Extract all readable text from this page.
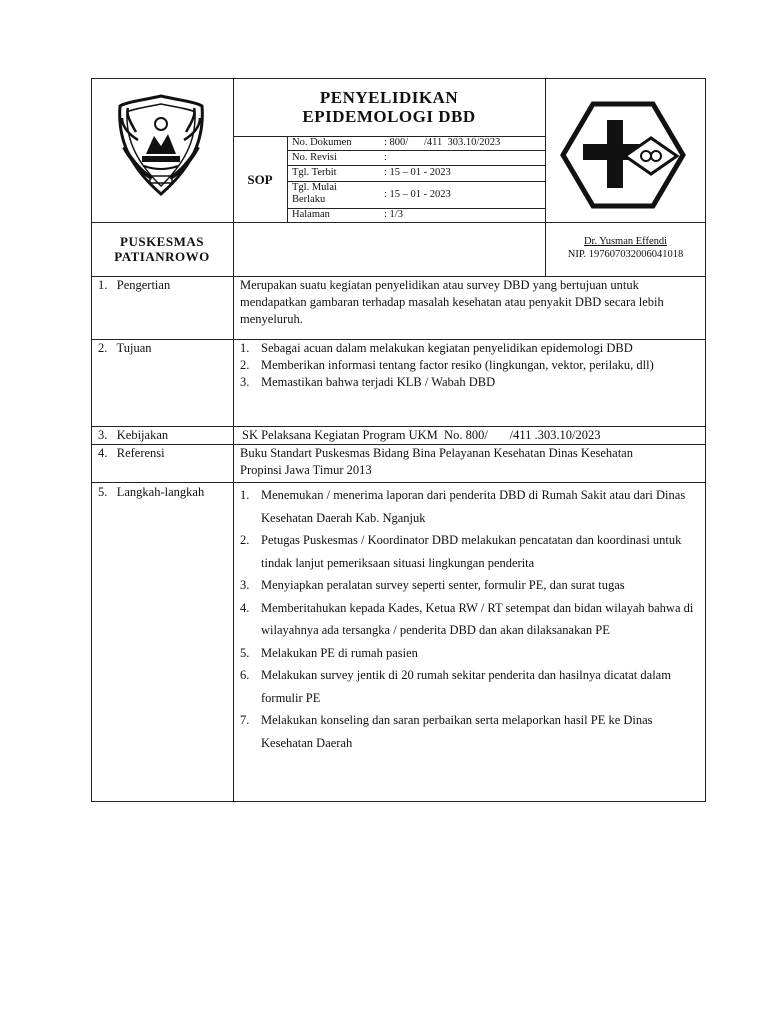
PENYELIDIKAN
EPIDEMOLOGI DBD
SOP
No. Dokumen	: 800/      /411  303.10/2023
No. Revisi	:
Tgl. Terbit	: 15 – 01 - 2023
Tgl. Mulai Berlaku	: 15 – 01 - 2023
Halaman	: 1/3
PUSKESMAS
PATIANROWO
Dr. Yusman Effendi
NIP. 197607032006041018
1.   Pengertian	Merupakan suatu kegiatan penyelidikan atau survey DBD yang bertujuan untuk mendapatkan gambaran terhadap masalah kesehatan atau penyakit DBD secara lebih menyeluruh.
2.   Tujuan	1. Sebagai acuan dalam melakukan kegiatan penyelidikan epidemologi DBD
2. Memberikan informasi tentang factor resiko (lingkungan, vektor, perilaku, dll)
3. Memastikan bahwa terjadi KLB / Wabah DBD
3.   Kebijakan	SK Pelaksana Kegiatan Program UKM  No. 800/       /411 .303.10/2023
4.   Referensi	Buku Standart Puskesmas Bidang Bina Pelayanan Kesehatan Dinas Kesehatan Propinsi Jawa Timur 2013
5.   Langkah-langkah	1. Menemukan / menerima laporan dari penderita DBD di Rumah Sakit atau dari Dinas Kesehatan Daerah Kab. Nganjuk
2. Petugas Puskesmas / Koordinator DBD melakukan pencatatan dan koordinasi untuk tindak lanjut pemeriksaan situasi lingkungan penderita
3. Menyiapkan peralatan survey seperti senter, formulir PE, dan surat tugas
4. Memberitahukan kepada Kades, Ketua RW / RT setempat dan bidan wilayah bahwa di wilayahnya ada tersangka / penderita DBD dan akan dilaksanakan PE
5. Melakukan PE di rumah pasien
6. Melakukan survey jentik di 20 rumah sekitar penderita dan hasilnya dicatat dalam formulir PE
7. Melakukan konseling dan saran perbaikan serta melaporkan hasil PE ke Dinas Kesehatan Daerah
